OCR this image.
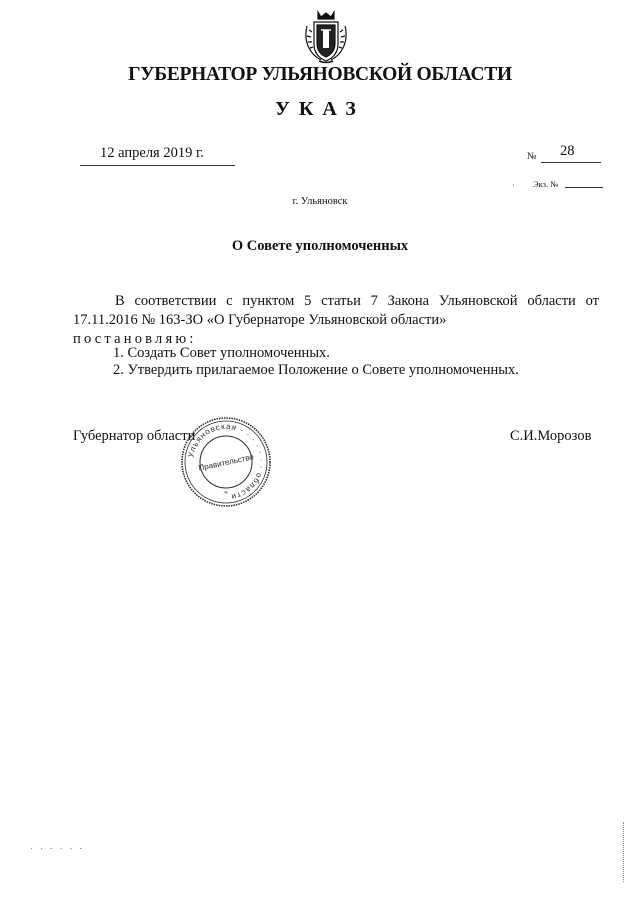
ГУБЕРНАТОР УЛЬЯНОВСКОЙ ОБЛАСТИ
УКАЗ
12 апреля 2019 г.	№ 28
· Экз. №
г. Ульяновск
О Совете уполномоченных
В соответствии с пунктом 5 статьи 7 Закона Ульяновской области от 17.11.2016 № 163-ЗО «О Губернаторе Ульяновской области»
постановляю:
1. Создать Совет уполномоченных.
2. Утвердить прилагаемое Положение о Совете уполномоченных.
Губернатор области	С.И.Морозов
Ульяновская · · · · · · · области
Правительство
*
· · · · · ·
